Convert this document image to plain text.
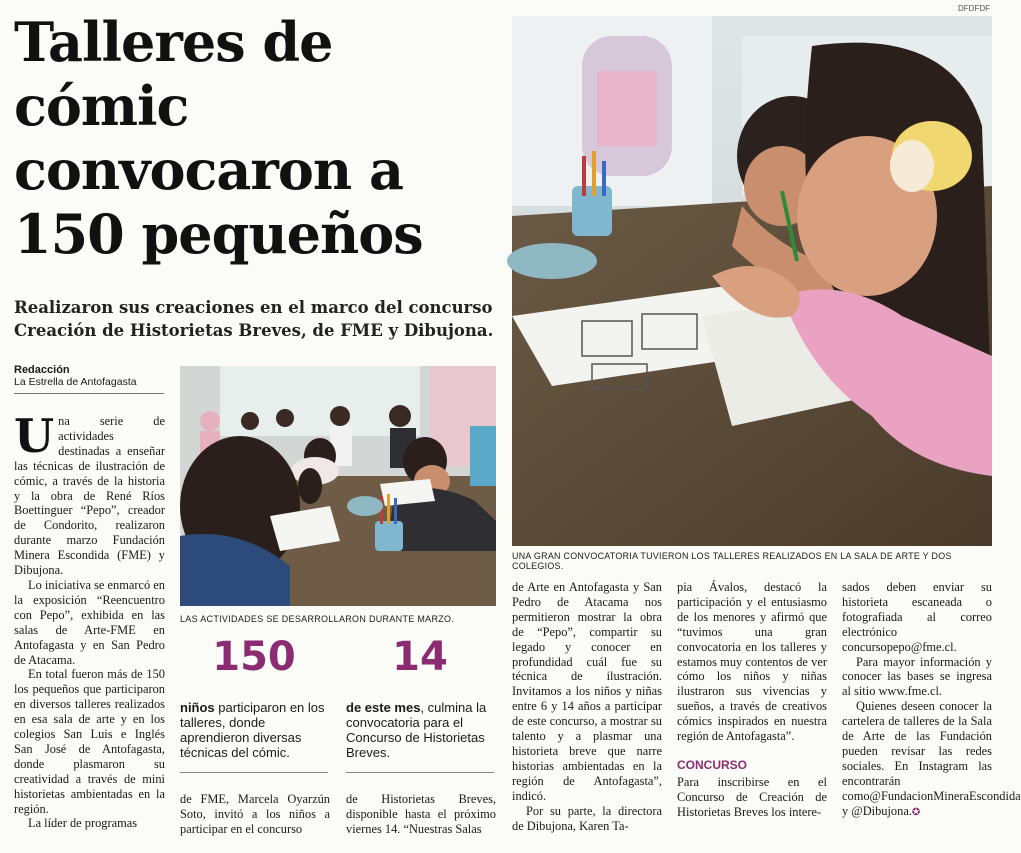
DFDFDF
Talleres de cómic convocaron a 150 pequeños
Realizaron sus creaciones en el marco del concurso Creación de Historietas Breves, de FME y Dibujona.
Redacción
La Estrella de Antofagasta
UNA GRAN CONVOCATORIA TUVIERON LOS TALLERES REALIZADOS EN LA SALA DE ARTE Y DOS COLEGIOS.
LAS ACTIVIDADES SE DESARROLLARON DURANTE MARZO.

Una serie de actividades destinadas a enseñar las técnicas de ilustración de cómic, a través de la historia y la obra de René Ríos Boettinguer “Pepo”, creador de Condorito, realizaron durante marzo Fundación Minera Escondida (FME) y Dibujona.

Lo iniciativa se enmarcó en la exposición “Reencuentro con Pepo”, exhibida en las salas de Arte-FME en Antofagasta y en San Pedro de Atacama.

En total fueron más de 150 los pequeños que participaron en diversos talleres realizados en esa sala de arte y en los colegios San Luis e Inglés San José de Antofagasta, donde plasmaron su creatividad a través de mini historietas ambientadas en la región.

La líder de programas

150
niños participaron en los talleres, donde aprendieron diversas técnicas del cómic.
14
de este mes, culmina la convocatoria para el Concurso de Historietas Breves.
de FME, Marcela Oyarzún Soto, invitó a los niños a participar en el concurso
de Historietas Breves, disponible hasta el próximo viernes 14. “Nuestras Salas

de Arte en Antofagasta y San Pedro de Atacama nos permitieron mostrar la obra de “Pepo”, compartir su legado y conocer en profundidad cuál fue su técnica de ilustración. Invitamos a los niños y niñas entre 6 y 14 años a participar de este concurso, a mostrar su talento y a plasmar una historieta breve que narre historias ambientadas en la región de Antofagasta”, indicó.

Por su parte, la directora de Dibujona, Karen Ta-

pia Ávalos, destacó la participación y el entusiasmo de los menores y afirmó que “tuvimos una gran convocatoria en los talleres y estamos muy contentos de ver cómo los niños y niñas ilustraron sus vivencias y sueños, a través de creativos cómics inspirados en nuestra región de Antofagasta”.

CONCURSO

Para inscribirse en el Concurso de Creación de Historietas Breves los intere-

sados deben enviar su historieta escaneada o fotografiada al correo electrónico concursopepo@fme.cl.

Para mayor información y conocer las bases se ingresa al sitio www.fme.cl.

Quienes deseen conocer la cartelera de talleres de la Sala de Arte de las Fundación pueden revisar las redes sociales. En Instagram las encontrarán como@FundacionMineraEscondida y @Dibujona.✪
